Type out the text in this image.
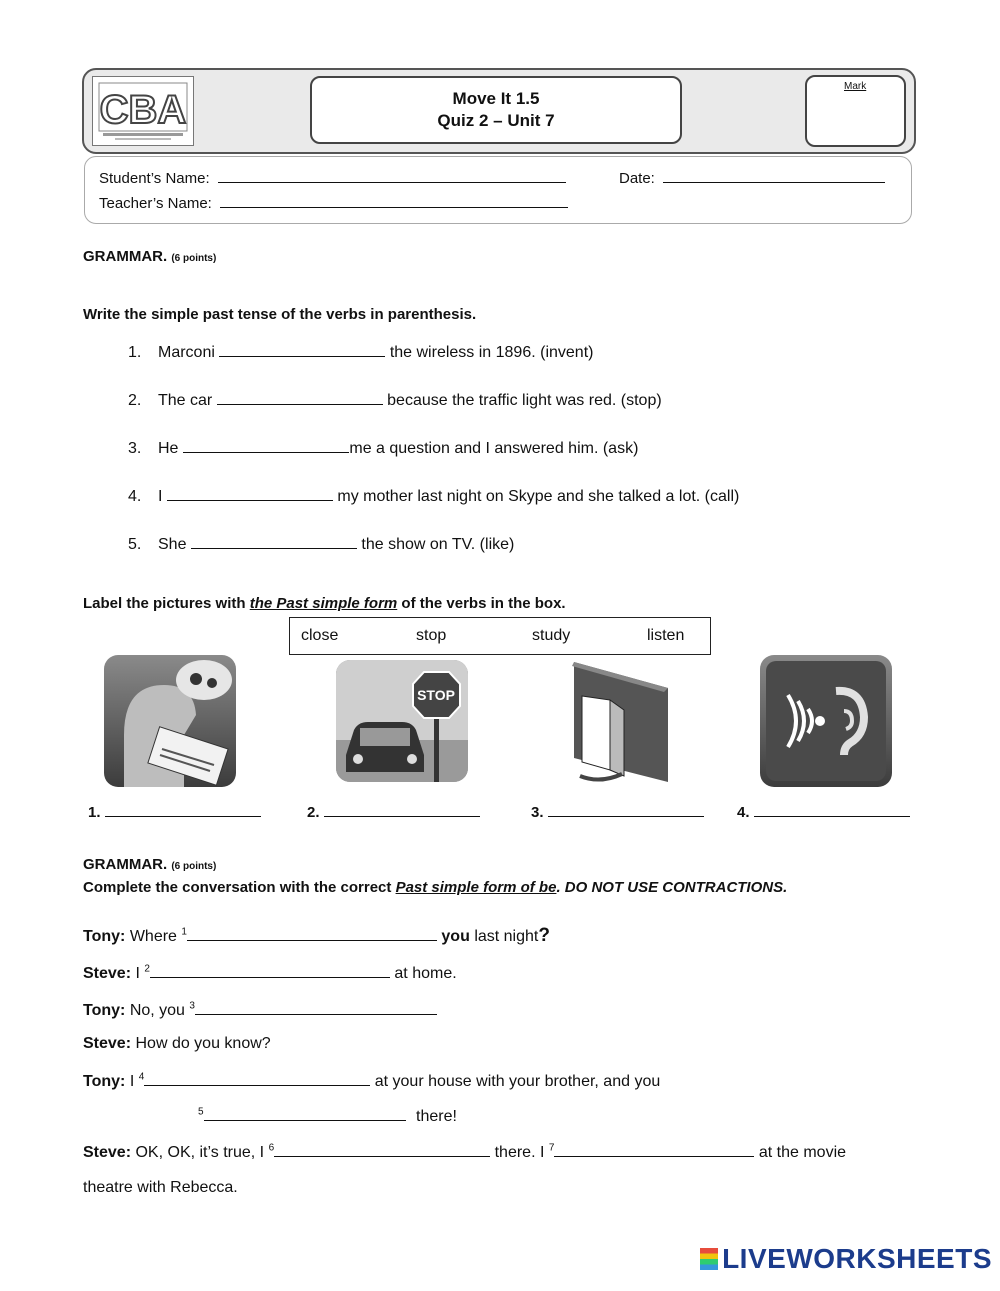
CBA	Move It 1.5
Quiz 2 – Unit 7
Mark
Student’s Name:	Date:
Teacher’s Name:
GRAMMAR. (6 points)
Write the simple past tense of the verbs in parenthesis.
1. Marconi	the wireless in 1896. (invent)
2. The car	because the traffic light was red. (stop)
3. He	me a question and I answered him. (ask)
4. I	my mother last night on Skype and she talked a lot. (call)
5. She	the show on TV. (like)
Label the pictures with the Past simple form of the verbs in the box.
close	stop	study	listen
STOP
1.	2.	3.	4.
GRAMMAR. (6 points)
Complete the conversation with the correct Past simple form of be. DO NOT USE CONTRACTIONS.
Tony: Where $^1$	you last night?
Steve: I $^2$	at home.
Tony: No, you $^3$
Steve: How do you know?
Tony: I $^4$	at your house with your brother, and you
$^5$	there!
Steve: OK, OK, it’s true, I $^6$	there. I $^7$	at the movie
theatre with Rebecca.
LIVEWORKSHEETS
